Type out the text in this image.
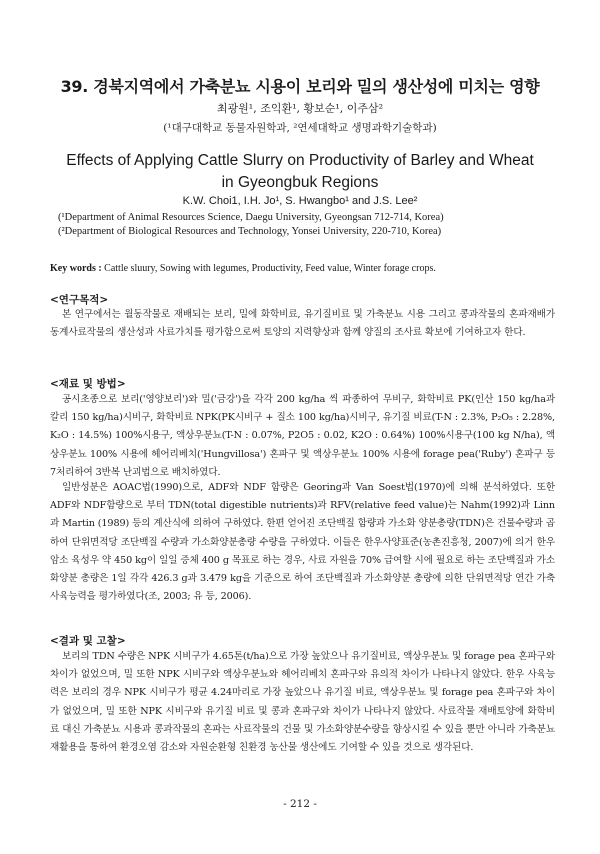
39. 경북지역에서 가축분뇨 시용이 보리와 밀의 생산성에 미치는 영향
최광원¹, 조익환¹, 황보순¹, 이주삼²
(¹대구대학교 동물자원학과, ²연세대학교 생명과학기술학과)
Effects of Applying Cattle Slurry on Productivity of Barley and Wheat
in Gyeongbuk Regions
K.W. Choi1, I.H. Jo¹, S. Hwangbo¹ and J.S. Lee²
(¹Department of Animal Resources Science, Daegu University, Gyeongsan 712-714, Korea)
(²Department of Biological Resources and Technology, Yonsei University, 220-710, Korea)
Key words : Cattle sluury, Sowing with legumes, Productivity, Feed value, Winter forage crops.
<연구목적>
본 연구에서는 월동작물로 재배되는 보리, 밀에 화학비료, 유기질비료 및 가축분뇨 시용 그리고 콩과작물의 혼파재배가 동계사료작물의 생산성과 사료가치를 평가함으로써 토양의 지력향상과 함께 양질의 조사료 확보에 기여하고자 한다.
<재료 및 방법>
공시초종으로 보리('영양보리')와 밀('금강')을 각각 200 kg/ha 씩 파종하여 무비구, 화학비료 PK(인산 150 kg/ha과 칼리 150 kg/ha)시비구, 화학비료 NPK(PK시비구 + 질소 100 kg/ha)시비구, 유기질 비료(T-N : 2.3%, P₂O₅ : 2.28%, K₂O : 14.5%) 100%시용구, 액상우분뇨(T-N : 0.07%, P2O5 : 0.02, K2O : 0.64%) 100%시용구(100 kg N/ha), 액상우분뇨 100% 시용에 헤어리베치('Hungvillosa') 혼파구 및 액상우분뇨 100% 시용에 forage pea('Ruby') 혼파구 등 7처리하여 3반복 난괴법으로 배치하였다.
일반성분은 AOAC법(1990)으로, ADF와 NDF 함량은 Georing과 Van Soest법(1970)에 의해 분석하였다. 또한 ADF와 NDF함량으로 부터 TDN(total digestible nutrients)과 RFV(relative feed value)는 Nahm(1992)과 Linn과 Martin (1989) 등의 계산식에 의하여 구하였다. 한편 얻어진 조단백질 함량과 가소화 양분총량(TDN)은 건물수량과 곱하여 단위면적당 조단백질 수량과 가소화양분총량 수량을 구하였다. 이들은 한우사양표준(농촌진흥청, 2007)에 의거 한우 암소 육성우 약 450 kg이 일일 증체 400 g 목표로 하는 경우, 사료 자원을 70% 급여할 시에 필요로 하는 조단백질과 가소화양분 총량은 1일 각각 426.3 g과 3.479 kg을 기준으로 하여 조단백질과 가소화양분 총량에 의한 단위면적당 연간 가축 사육능력을 평가하였다(조, 2003; 유 등, 2006).
<결과 및 고찰>
보리의 TDN 수량은 NPK 시비구가 4.65톤(t/ha)으로 가장 높았으나 유기질비료, 액상우분뇨 및 forage pea 혼파구와 차이가 없었으며, 밀 또한 NPK 시비구와 액상우분뇨와 헤어리베치 혼파구와 유의적 차이가 나타나지 않았다. 한우 사육능력은 보리의 경우 NPK 시비구가 평균 4.24마리로 가장 높았으나 유기질 비료, 액상우분뇨 및 forage pea 혼파구와 차이가 없었으며, 밀 또한 NPK 시비구와 유기질 비료 및 콩과 혼파구와 차이가 나타나지 않았다. 사료작물 재배토양에 화학비료 대신 가축분뇨 시용과 콩과작물의 혼파는 사료작물의 건물 및 가소화양분수량을 향상시킬 수 있을 뿐만 아니라 가축분뇨 재활용을 통하여 환경오염 감소와 자원순환형 친환경 농산물 생산에도 기여할 수 있을 것으로 생각된다.
- 212 -
